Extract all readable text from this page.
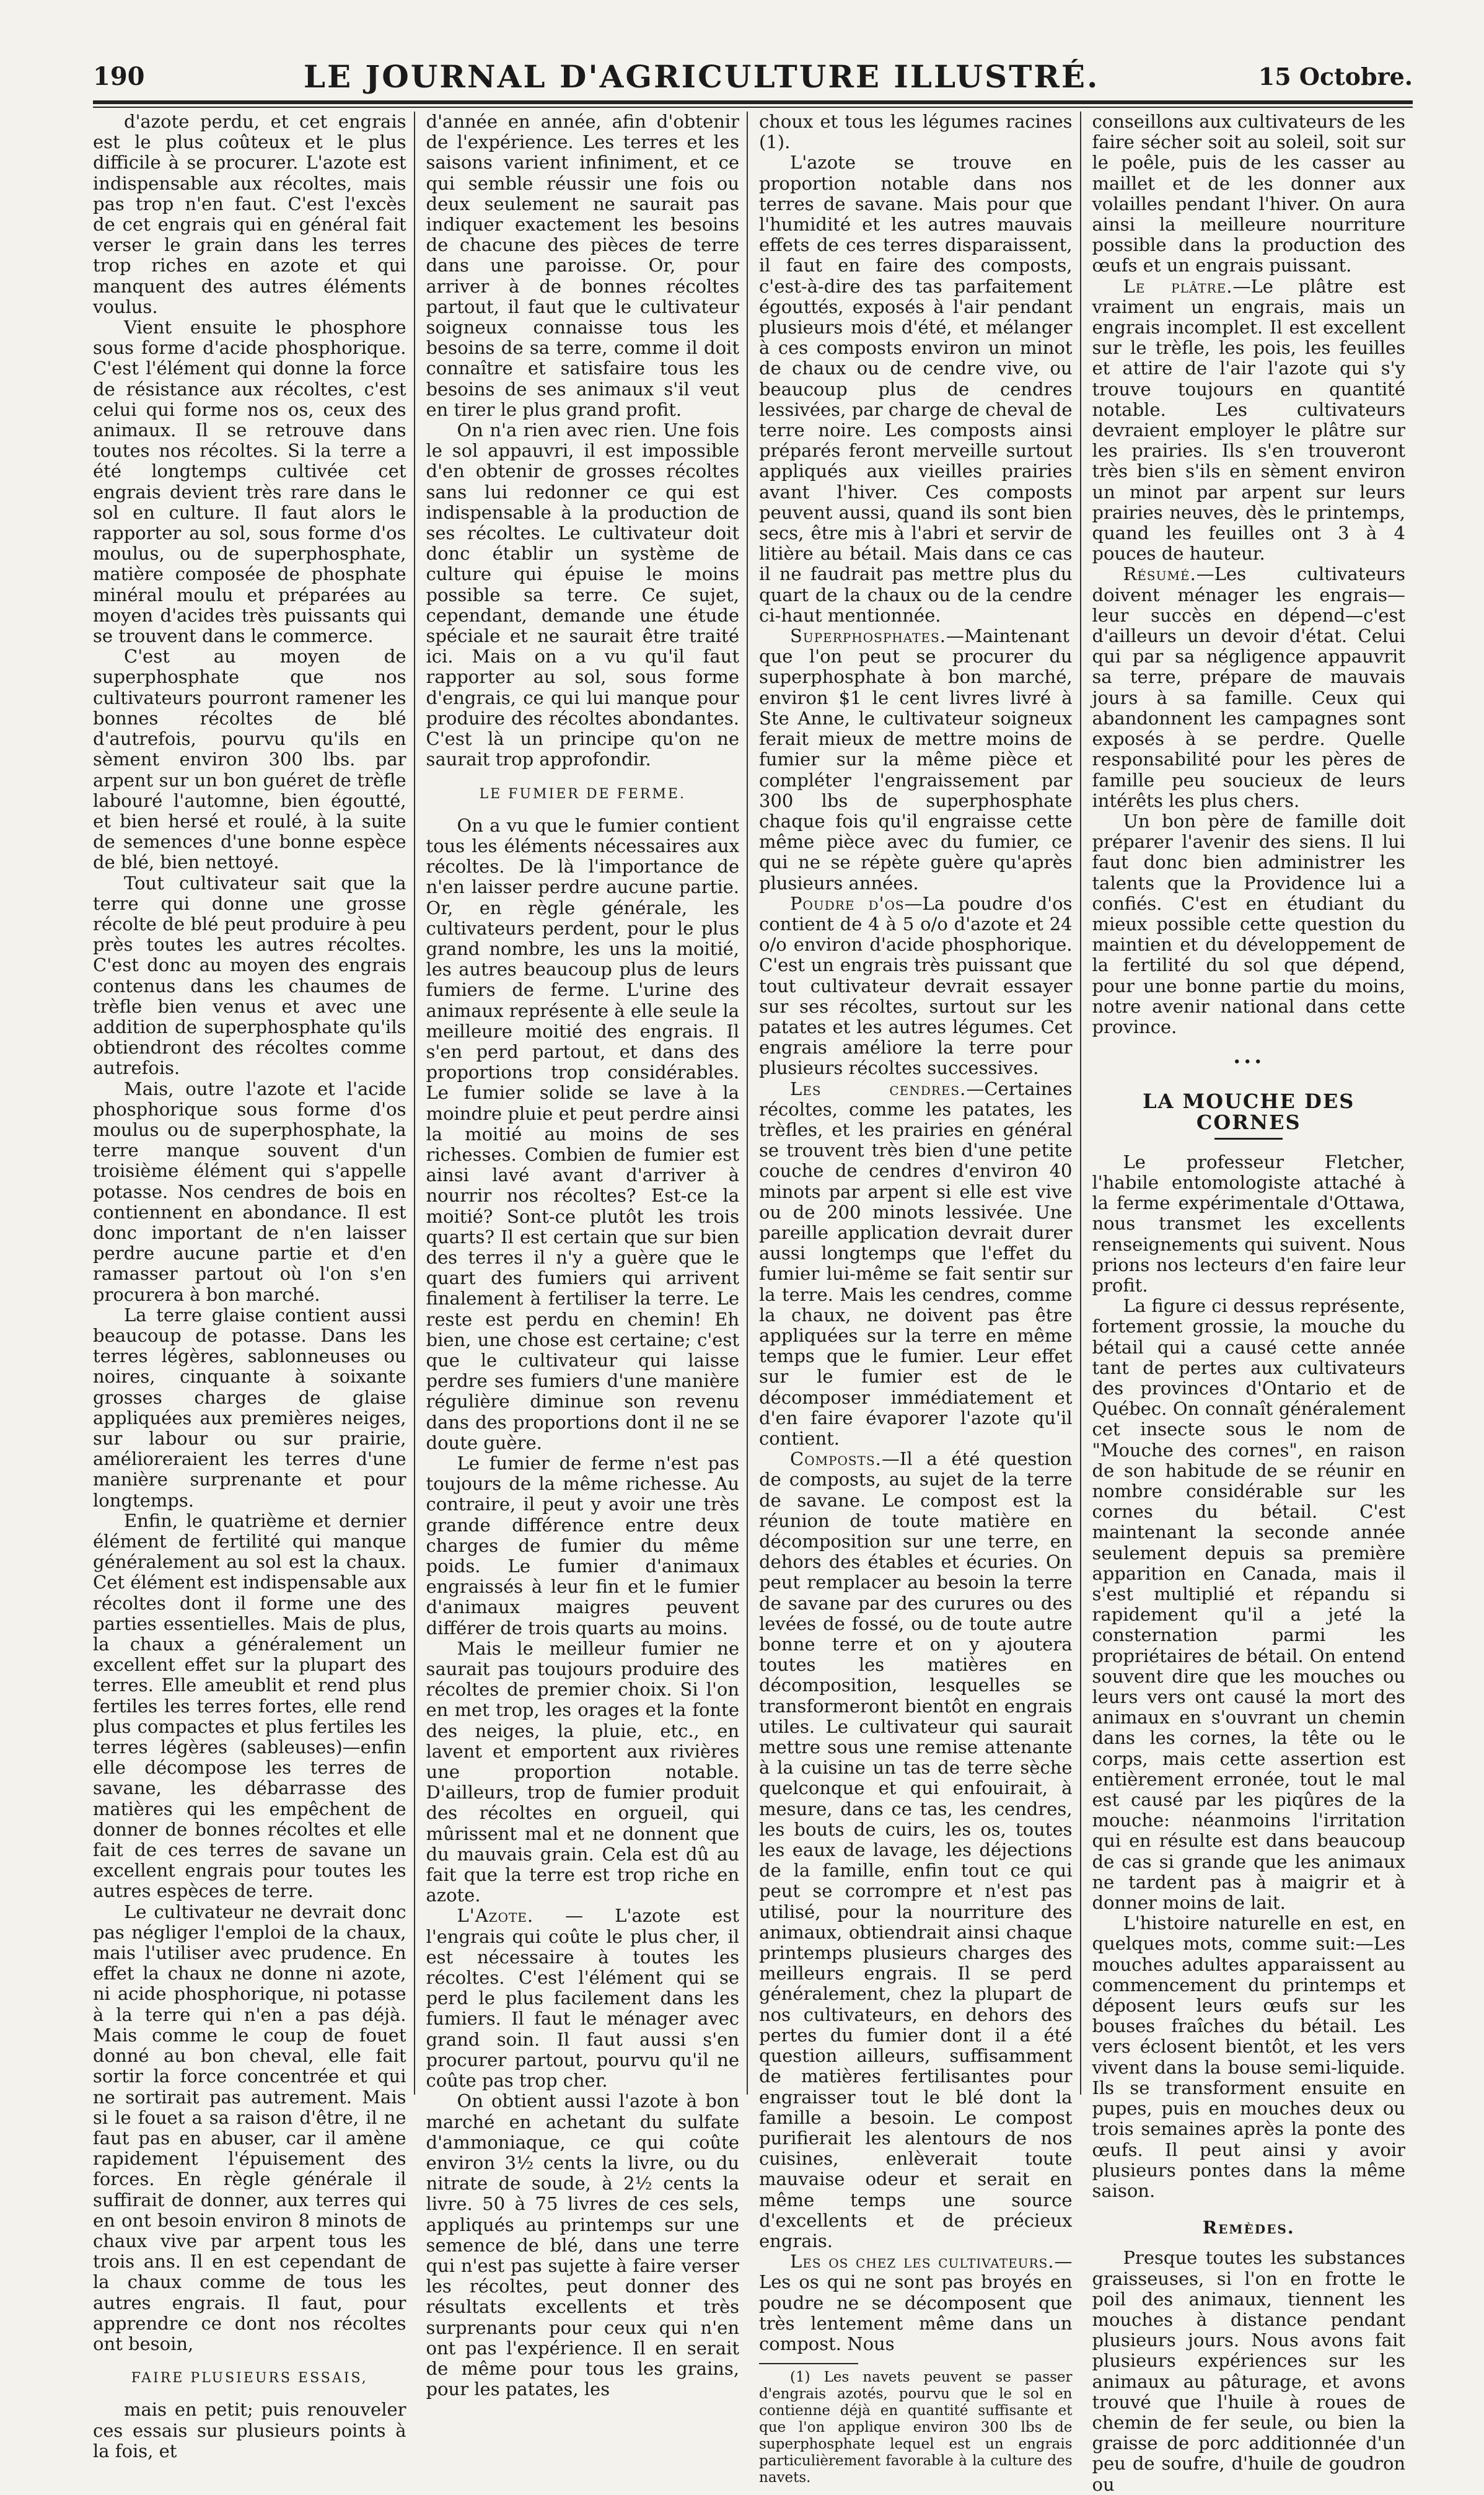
190	LE JOURNAL D'AGRICULTURE ILLUSTRÉ.	15 Octobre.

d'azote perdu, et cet engrais est le plus coûteux et le plus difficile à se procurer. L'azote est indispensable aux récoltes, mais pas trop n'en faut. C'est l'excès de cet engrais qui en général fait verser le grain dans les terres trop riches en azote et qui manquent des autres éléments voulus.

Vient ensuite le phosphore sous forme d'acide phosphorique. C'est l'élément qui donne la force de résistance aux récoltes, c'est celui qui forme nos os, ceux des animaux. Il se retrouve dans toutes nos récoltes. Si la terre a été longtemps cultivée cet engrais devient très rare dans le sol en culture. Il faut alors le rapporter au sol, sous forme d'os moulus, ou de superphosphate, matière composée de phosphate minéral moulu et préparées au moyen d'acides très puissants qui se trouvent dans le commerce.

C'est au moyen de superphosphate que nos cultivateurs pourront ramener les bonnes récoltes de blé d'autrefois, pourvu qu'ils en sèment environ 300 lbs. par arpent sur un bon guéret de trèfle labouré l'automne, bien égoutté, et bien hersé et roulé, à la suite de semences d'une bonne espèce de blé, bien nettoyé.

Tout cultivateur sait que la terre qui donne une grosse récolte de blé peut produire à peu près toutes les autres récoltes. C'est donc au moyen des engrais contenus dans les chaumes de trèfle bien venus et avec une addition de superphosphate qu'ils obtiendront des récoltes comme autrefois.

Mais, outre l'azote et l'acide phosphorique sous forme d'os moulus ou de superphosphate, la terre manque souvent d'un troisième élément qui s'appelle potasse. Nos cendres de bois en contiennent en abondance. Il est donc important de n'en laisser perdre aucune partie et d'en ramasser partout où l'on s'en procurera à bon marché.

La terre glaise contient aussi beaucoup de potasse. Dans les terres légères, sablonneuses ou noires, cinquante à soixante grosses charges de glaise appliquées aux premières neiges, sur labour ou sur prairie, amélioreraient les terres d'une manière surprenante et pour longtemps.

Enfin, le quatrième et dernier élément de fertilité qui manque généralement au sol est la chaux. Cet élément est indispensable aux récoltes dont il forme une des parties essentielles. Mais de plus, la chaux a généralement un excellent effet sur la plupart des terres. Elle ameublit et rend plus fertiles les terres fortes, elle rend plus compactes et plus fertiles les terres légères (sableuses)—enfin elle décompose les terres de savane, les débarrasse des matières qui les empêchent de donner de bonnes récoltes et elle fait de ces terres de savane un excellent engrais pour toutes les autres espèces de terre.

Le cultivateur ne devrait donc pas négliger l'emploi de la chaux, mais l'utiliser avec prudence. En effet la chaux ne donne ni azote, ni acide phosphorique, ni potasse à la terre qui n'en a pas déjà. Mais comme le coup de fouet donné au bon cheval, elle fait sortir la force concentrée et qui ne sortirait pas autrement. Mais si le fouet a sa raison d'être, il ne faut pas en abuser, car il amène rapidement l'épuisement des forces. En règle générale il suffirait de donner, aux terres qui en ont besoin environ 8 minots de chaux vive par arpent tous les trois ans. Il en est cependant de la chaux comme de tous les autres engrais. Il faut, pour apprendre ce dont nos récoltes ont besoin,

FAIRE PLUSIEURS ESSAIS,

mais en petit; puis renouveler ces essais sur plusieurs points à la fois, et

d'année en année, afin d'obtenir de l'expérience. Les terres et les saisons varient infiniment, et ce qui semble réussir une fois ou deux seulement ne saurait pas indiquer exactement les besoins de chacune des pièces de terre dans une paroisse. Or, pour arriver à de bonnes récoltes partout, il faut que le cultivateur soigneux connaisse tous les besoins de sa terre, comme il doit connaître et satisfaire tous les besoins de ses animaux s'il veut en tirer le plus grand profit.

On n'a rien avec rien. Une fois le sol appauvri, il est impossible d'en obtenir de grosses récoltes sans lui redonner ce qui est indispensable à la production de ses récoltes. Le cultivateur doit donc établir un système de culture qui épuise le moins possible sa terre. Ce sujet, cependant, demande une étude spéciale et ne saurait être traité ici. Mais on a vu qu'il faut rapporter au sol, sous forme d'engrais, ce qui lui manque pour produire des récoltes abondantes. C'est là un principe qu'on ne saurait trop approfondir.

LE FUMIER DE FERME.

On a vu que le fumier contient tous les éléments nécessaires aux récoltes. De là l'importance de n'en laisser perdre aucune partie. Or, en règle générale, les cultivateurs perdent, pour le plus grand nombre, les uns la moitié, les autres beaucoup plus de leurs fumiers de ferme. L'urine des animaux représente à elle seule la meilleure moitié des engrais. Il s'en perd partout, et dans des proportions trop considérables. Le fumier solide se lave à la moindre pluie et peut perdre ainsi la moitié au moins de ses richesses. Combien de fumier est ainsi lavé avant d'arriver à nourrir nos récoltes? Est-ce la moitié? Sont-ce plutôt les trois quarts? Il est certain que sur bien des terres il n'y a guère que le quart des fumiers qui arrivent finalement à fertiliser la terre. Le reste est perdu en chemin! Eh bien, une chose est certaine; c'est que le cultivateur qui laisse perdre ses fumiers d'une manière régulière diminue son revenu dans des proportions dont il ne se doute guère.

Le fumier de ferme n'est pas toujours de la même richesse. Au contraire, il peut y avoir une très grande différence entre deux charges de fumier du même poids. Le fumier d'animaux engraissés à leur fin et le fumier d'animaux maigres peuvent différer de trois quarts au moins.

Mais le meilleur fumier ne saurait pas toujours produire des récoltes de premier choix. Si l'on en met trop, les orages et la fonte des neiges, la pluie, etc., en lavent et emportent aux rivières une proportion notable. D'ailleurs, trop de fumier produit des récoltes en orgueil, qui mûrissent mal et ne donnent que du mauvais grain. Cela est dû au fait que la terre est trop riche en azote.

L'Azote. — L'azote est l'engrais qui coûte le plus cher, il est nécessaire à toutes les récoltes. C'est l'élément qui se perd le plus facilement dans les fumiers. Il faut le ménager avec grand soin. Il faut aussi s'en procurer partout, pourvu qu'il ne coûte pas trop cher.

On obtient aussi l'azote à bon marché en achetant du sulfate d'ammoniaque, ce qui coûte environ 3½ cents la livre, ou du nitrate de soude, à 2½ cents la livre. 50 à 75 livres de ces sels, appliqués au printemps sur une semence de blé, dans une terre qui n'est pas sujette à faire verser les récoltes, peut donner des résultats excellents et très surprenants pour ceux qui n'en ont pas l'expérience. Il en serait de même pour tous les grains, pour les patates, les

choux et tous les légumes racines (1).

L'azote se trouve en proportion notable dans nos terres de savane. Mais pour que l'humidité et les autres mauvais effets de ces terres disparaissent, il faut en faire des composts, c'est-à-dire des tas parfaitement égouttés, exposés à l'air pendant plusieurs mois d'été, et mélanger à ces composts environ un minot de chaux ou de cendre vive, ou beaucoup plus de cendres lessivées, par charge de cheval de terre noire. Les composts ainsi préparés feront merveille surtout appliqués aux vieilles prairies avant l'hiver. Ces composts peuvent aussi, quand ils sont bien secs, être mis à l'abri et servir de litière au bétail. Mais dans ce cas il ne faudrait pas mettre plus du quart de la chaux ou de la cendre ci-haut mentionnée.

Superphosphates.—Maintenant que l'on peut se procurer du superphosphate à bon marché, environ $1 le cent livres livré à Ste Anne, le cultivateur soigneux ferait mieux de mettre moins de fumier sur la même pièce et compléter l'engraissement par 300 lbs de superphosphate chaque fois qu'il engraisse cette même pièce avec du fumier, ce qui ne se répète guère qu'après plusieurs années.

Poudre d'os—La poudre d'os contient de 4 à 5 o/o d'azote et 24 o/o environ d'acide phosphorique. C'est un engrais très puissant que tout cultivateur devrait essayer sur ses récoltes, surtout sur les patates et les autres légumes. Cet engrais améliore la terre pour plusieurs récoltes successives.

Les cendres.—Certaines récoltes, comme les patates, les trèfles, et les prairies en général se trouvent très bien d'une petite couche de cendres d'environ 40 minots par arpent si elle est vive ou de 200 minots lessivée. Une pareille application devrait durer aussi longtemps que l'effet du fumier lui-même se fait sentir sur la terre. Mais les cendres, comme la chaux, ne doivent pas être appliquées sur la terre en même temps que le fumier. Leur effet sur le fumier est de le décomposer immédiatement et d'en faire évaporer l'azote qu'il contient.

Composts.—Il a été question de composts, au sujet de la terre de savane. Le compost est la réunion de toute matière en décomposition sur une terre, en dehors des étables et écuries. On peut remplacer au besoin la terre de savane par des curures ou des levées de fossé, ou de toute autre bonne terre et on y ajoutera toutes les matières en décomposition, lesquelles se transformeront bientôt en engrais utiles. Le cultivateur qui saurait mettre sous une remise attenante à la cuisine un tas de terre sèche quelconque et qui enfouirait, à mesure, dans ce tas, les cendres, les bouts de cuirs, les os, toutes les eaux de lavage, les déjections de la famille, enfin tout ce qui peut se corrompre et n'est pas utilisé, pour la nourriture des animaux, obtiendrait ainsi chaque printemps plusieurs charges des meilleurs engrais. Il se perd généralement, chez la plupart de nos cultivateurs, en dehors des pertes du fumier dont il a été question ailleurs, suffisamment de matières fertilisantes pour engraisser tout le blé dont la famille a besoin. Le compost purifierait les alentours de nos cuisines, enlèverait toute mauvaise odeur et serait en même temps une source d'excellents et de précieux engrais.

Les os chez les cultivateurs.—Les os qui ne sont pas broyés en poudre ne se décomposent que très lentement même dans un compost. Nous

(1) Les navets peuvent se passer d'engrais azotés, pourvu que le sol en contienne déjà en quantité suffisante et que l'on applique environ 300 lbs de superphosphate lequel est un engrais particulièrement favorable à la culture des navets.

conseillons aux cultivateurs de les faire sécher soit au soleil, soit sur le poêle, puis de les casser au maillet et de les donner aux volailles pendant l'hiver. On aura ainsi la meilleure nourriture possible dans la production des œufs et un engrais puissant.

Le plâtre.—Le plâtre est vraiment un engrais, mais un engrais incomplet. Il est excellent sur le trèfle, les pois, les feuilles et attire de l'air l'azote qui s'y trouve toujours en quantité notable. Les cultivateurs devraient employer le plâtre sur les prairies. Ils s'en trouveront très bien s'ils en sèment environ un minot par arpent sur leurs prairies neuves, dès le printemps, quand les feuilles ont 3 à 4 pouces de hauteur.

Résumé.—Les cultivateurs doivent ménager les engrais—leur succès en dépend—c'est d'ailleurs un devoir d'état. Celui qui par sa négligence appauvrit sa terre, prépare de mauvais jours à sa famille. Ceux qui abandonnent les campagnes sont exposés à se perdre. Quelle responsabilité pour les pères de famille peu soucieux de leurs intérêts les plus chers.

Un bon père de famille doit préparer l'avenir des siens. Il lui faut donc bien administrer les talents que la Providence lui a confiés. C'est en étudiant du mieux possible cette question du maintien et du développement de la fertilité du sol que dépend, pour une bonne partie du moins, notre avenir national dans cette province.

•••
LA MOUCHE DES CORNES

Le professeur Fletcher, l'habile entomologiste attaché à la ferme expérimentale d'Ottawa, nous transmet les excellents renseignements qui suivent. Nous prions nos lecteurs d'en faire leur profit.

La figure ci dessus représente, fortement grossie, la mouche du bétail qui a causé cette année tant de pertes aux cultivateurs des provinces d'Ontario et de Québec. On connaît généralement cet insecte sous le nom de "Mouche des cornes", en raison de son habitude de se réunir en nombre considérable sur les cornes du bétail. C'est maintenant la seconde année seulement depuis sa première apparition en Canada, mais il s'est multiplié et répandu si rapidement qu'il a jeté la consternation parmi les propriétaires de bétail. On entend souvent dire que les mouches ou leurs vers ont causé la mort des animaux en s'ouvrant un chemin dans les cornes, la tête ou le corps, mais cette assertion est entièrement erronée, tout le mal est causé par les piqûres de la mouche: néanmoins l'irritation qui en résulte est dans beaucoup de cas si grande que les animaux ne tardent pas à maigrir et à donner moins de lait.

L'histoire naturelle en est, en quelques mots, comme suit:—Les mouches adultes apparaissent au commencement du printemps et déposent leurs œufs sur les bouses fraîches du bétail. Les vers éclosent bientôt, et les vers vivent dans la bouse semi-liquide. Ils se transforment ensuite en pupes, puis en mouches deux ou trois semaines après la ponte des œufs. Il peut ainsi y avoir plusieurs pontes dans la même saison.

Remèdes.

Presque toutes les substances graisseuses, si l'on en frotte le poil des animaux, tiennent les mouches à distance pendant plusieurs jours. Nous avons fait plusieurs expériences sur les animaux au pâturage, et avons trouvé que l'huile à roues de chemin de fer seule, ou bien la graisse de porc additionnée d'un peu de soufre, d'huile de goudron ou
